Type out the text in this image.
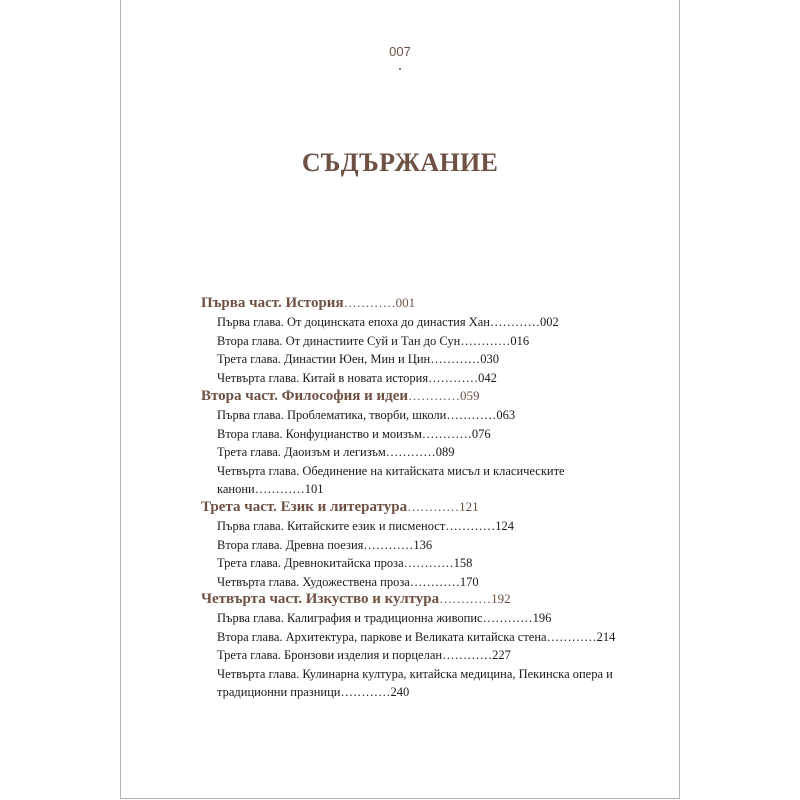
007
СЪДЪРЖАНИЕ
Първа част. История…………001
Първа глава. От доцинската епоха до династия Хан…………002
Втора глава. От династиите Суй и Тан до Сун…………016
Трета глава. Династии Юен, Мин и Цин…………030
Четвърта глава. Китай в новата история…………042
Втора част. Философия и идеи…………059
Първа глава. Проблематика, творби, школи…………063
Втора глава. Конфуцианство и моизъм…………076
Трета глава. Даоизъм и легизъм…………089
Четвърта глава. Обединение на китайската мисъл и класическите
канони…………101
Трета част. Език и литература…………121
Първа глава. Китайските език и писменост…………124
Втора глава. Древна поезия…………136
Трета глава. Древнокитайска проза…………158
Четвърта глава. Художествена проза…………170
Четвърта част. Изкуство и култура…………192
Първа глава. Калиграфия и традиционна живопис…………196
Втора глава. Архитектура, паркове и Великата китайска стена…………214
Трета глава. Бронзови изделия и порцелан…………227
Четвърта глава. Кулинарна култура, китайска медицина, Пекинска опера и
традиционни празници…………240
